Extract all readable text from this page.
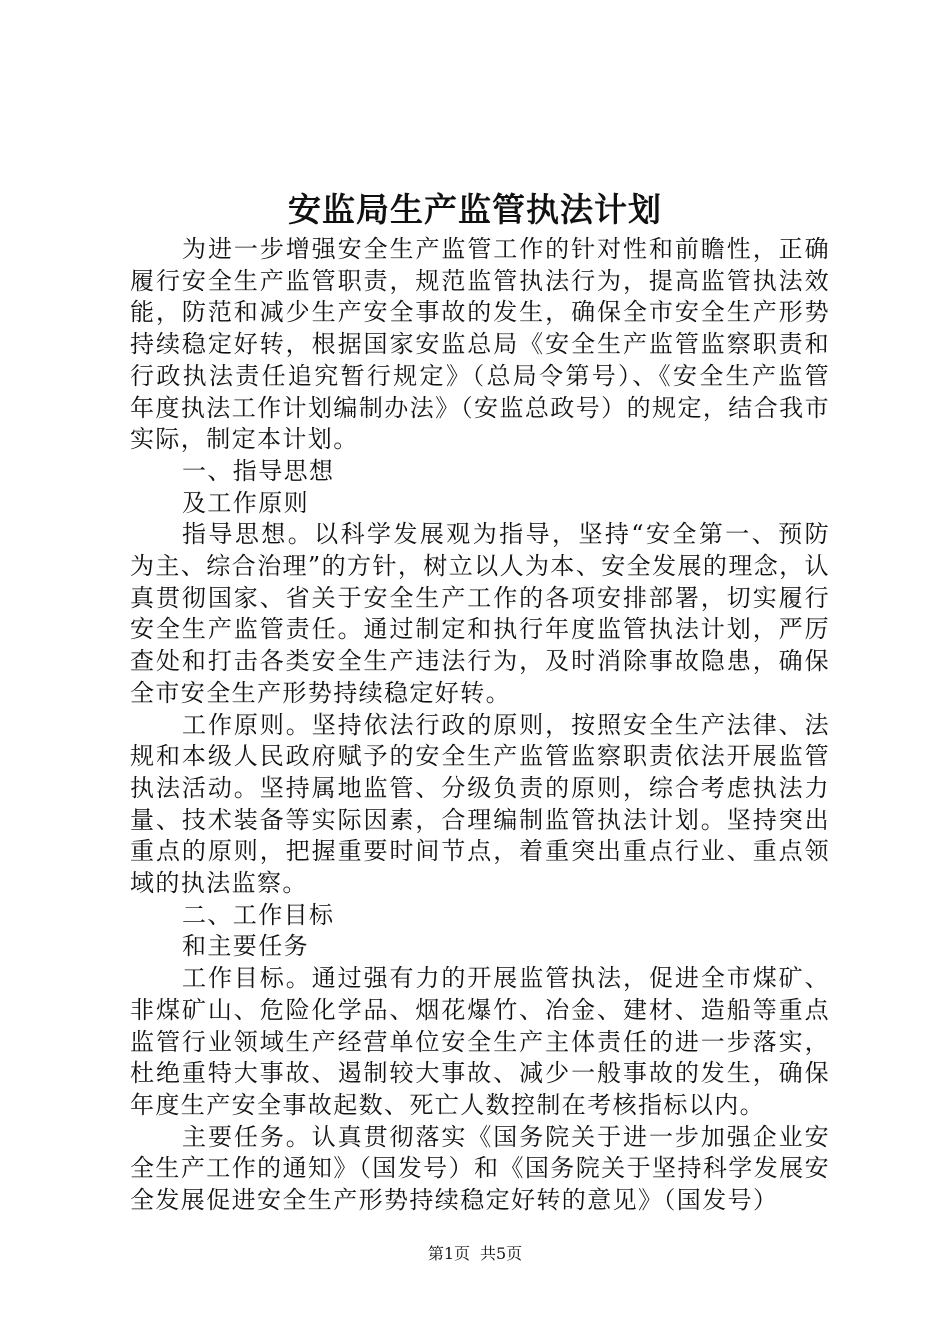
安监局生产监管执法计划

为进一步增强安全生产监管工作的针对性和前瞻性，正确履行安全生产监管职责，规范监管执法行为，提高监管执法效能，防范和减少生产安全事故的发生，确保全市安全生产形势持续稳定好转，根据国家安监总局《安全生产监管监察职责和行政执法责任追究暂行规定》（总局令第号）、《安全生产监管年度执法工作计划编制办法》（安监总政号）的规定，结合我市实际，制定本计划。

一、指导思想

及工作原则

指导思想。以科学发展观为指导，坚持“安全第一、预防为主、综合治理”的方针，树立以人为本、安全发展的理念，认真贯彻国家、省关于安全生产工作的各项安排部署，切实履行安全生产监管责任。通过制定和执行年度监管执法计划，严厉查处和打击各类安全生产违法行为，及时消除事故隐患，确保全市安全生产形势持续稳定好转。

工作原则。坚持依法行政的原则，按照安全生产法律、法规和本级人民政府赋予的安全生产监管监察职责依法开展监管执法活动。坚持属地监管、分级负责的原则，综合考虑执法力量、技术装备等实际因素，合理编制监管执法计划。坚持突出重点的原则，把握重要时间节点，着重突出重点行业、重点领域的执法监察。

二、工作目标

和主要任务

工作目标。通过强有力的开展监管执法，促进全市煤矿、非煤矿山、危险化学品、烟花爆竹、冶金、建材、造船等重点监管行业领域生产经营单位安全生产主体责任的进一步落实，杜绝重特大事故、遏制较大事故、减少一般事故的发生，确保年度生产安全事故起数、死亡人数控制在考核指标以内。

主要任务。认真贯彻落实《国务院关于进一步加强企业安全生产工作的通知》（国发号）和《国务院关于坚持科学发展安全发展促进安全生产形势持续稳定好转的意见》（国发号）

第1页 共5页
